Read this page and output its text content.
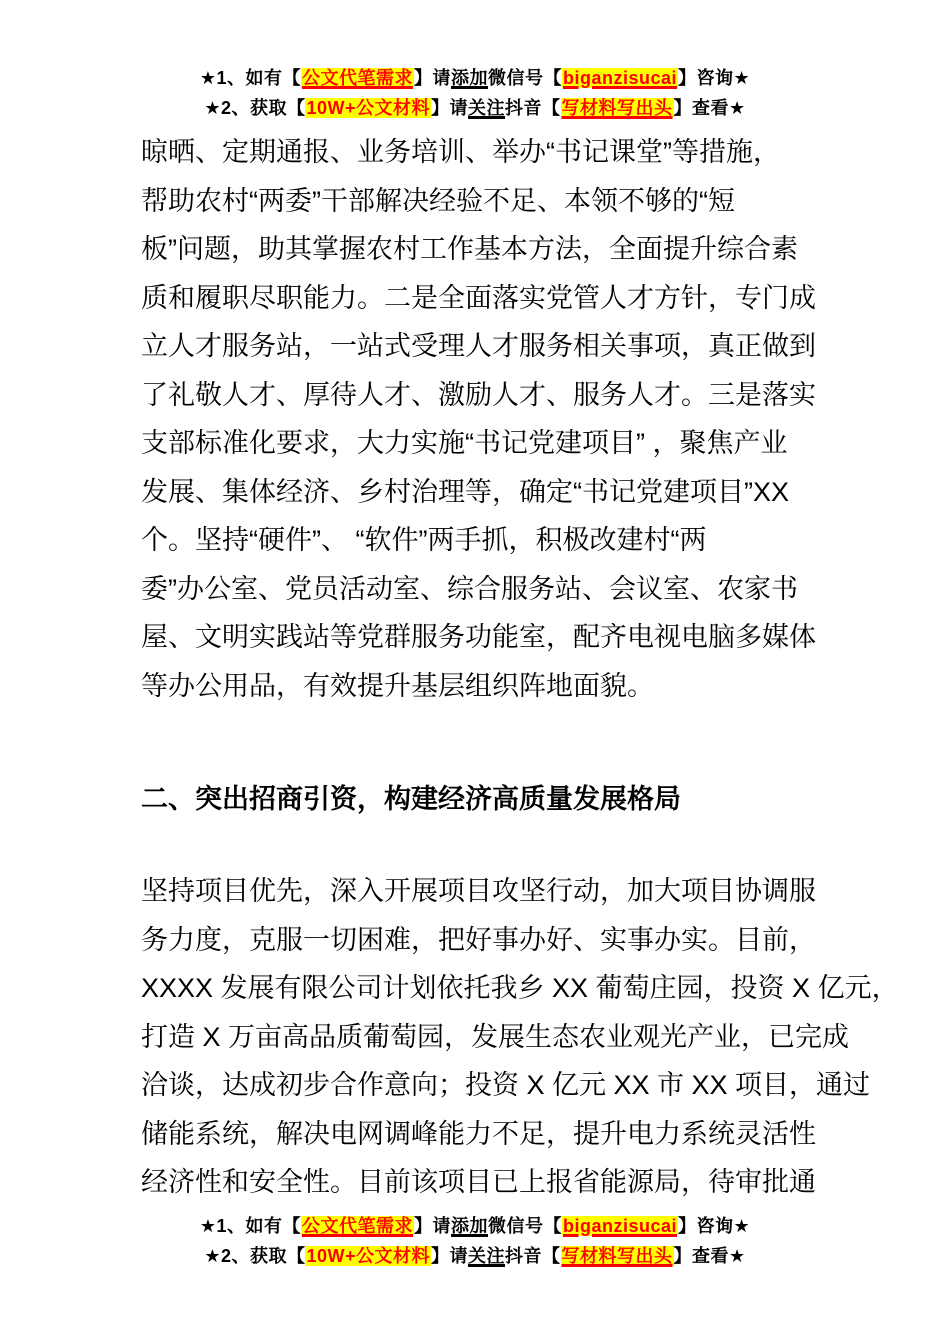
★1、如有【公文代笔需求】请添加微信号【biganzisucai】咨询★
★2、获取【10W+公文材料】请关注抖音【写材料写出头】查看★
晾晒、定期通报、业务培训、举办“书记课堂”等措施，
帮助农村“两委”干部解决经验不足、本领不够的“短
板”问题，助其掌握农村工作基本方法，全面提升综合素
质和履职尽职能力。二是全面落实党管人才方针，专门成
立人才服务站，一站式受理人才服务相关事项，真正做到
了礼敬人才、厚待人才、激励人才、服务人才。三是落实
支部标准化要求，大力实施“书记党建项目” ，聚焦产业
发展、集体经济、乡村治理等，确定“书记党建项目”XX
个。坚持“硬件”、 “软件”两手抓，积极改建村“两
委”办公室、党员活动室、综合服务站、会议室、农家书
屋、文明实践站等党群服务功能室，配齐电视电脑多媒体
等办公用品，有效提升基层组织阵地面貌。
二、突出招商引资，构建经济高质量发展格局
坚持项目优先，深入开展项目攻坚行动，加大项目协调服
务力度，克服一切困难，把好事办好、实事办实。目前，
XXXX 发展有限公司计划依托我乡 XX 葡萄庄园，投资 X 亿元，
打造 X 万亩高品质葡萄园，发展生态农业观光产业，已完成
洽谈，达成初步合作意向；投资 X 亿元 XX 市 XX 项目，通过
储能系统，解决电网调峰能力不足，提升电力系统灵活性
经济性和安全性。目前该项目已上报省能源局，待审批通
★1、如有【公文代笔需求】请添加微信号【biganzisucai】咨询★
★2、获取【10W+公文材料】请关注抖音【写材料写出头】查看★
